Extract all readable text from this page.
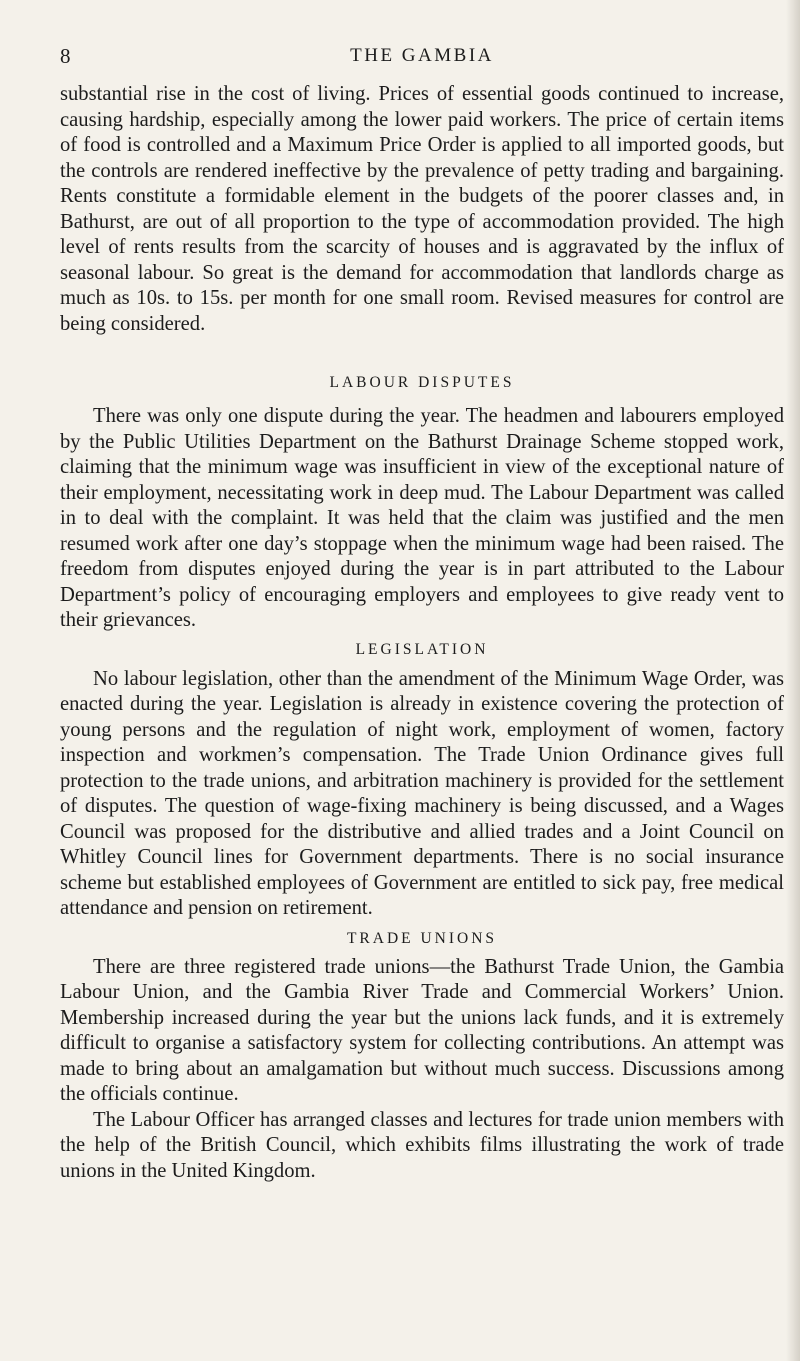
8	THE GAMBIA

substantial rise in the cost of living. Prices of essential goods continued to increase, causing hardship, especially among the lower paid workers. The price of certain items of food is controlled and a Maximum Price Order is applied to all imported goods, but the controls are rendered ineffective by the prevalence of petty trading and bargaining. Rents constitute a formidable element in the budgets of the poorer classes and, in Bathurst, are out of all proportion to the type of accommodation provided. The high level of rents results from the scarcity of houses and is aggravated by the influx of seasonal labour. So great is the demand for accommodation that landlords charge as much as 10s. to 15s. per month for one small room. Revised measures for control are being considered.

LABOUR DISPUTES

There was only one dispute during the year. The headmen and labourers employed by the Public Utilities Department on the Bathurst Drainage Scheme stopped work, claiming that the minimum wage was insufficient in view of the exceptional nature of their employment, necessitating work in deep mud. The Labour Department was called in to deal with the complaint. It was held that the claim was justified and the men resumed work after one day’s stoppage when the minimum wage had been raised. The freedom from disputes enjoyed during the year is in part attributed to the Labour Department’s policy of encouraging employers and employees to give ready vent to their grievances.

LEGISLATION

No labour legislation, other than the amendment of the Minimum Wage Order, was enacted during the year. Legislation is already in existence covering the protection of young persons and the regulation of night work, employment of women, factory inspection and workmen’s compensation. The Trade Union Ordinance gives full protection to the trade unions, and arbitration machinery is provided for the settlement of disputes. The question of wage-fixing machinery is being discussed, and a Wages Council was proposed for the distributive and allied trades and a Joint Council on Whitley Council lines for Government departments. There is no social insurance scheme but established employees of Government are entitled to sick pay, free medical attendance and pension on retirement.

TRADE UNIONS

There are three registered trade unions—the Bathurst Trade Union, the Gambia Labour Union, and the Gambia River Trade and Commercial Workers’ Union. Membership increased during the year but the unions lack funds, and it is extremely difficult to organise a satisfactory system for collecting contributions. An attempt was made to bring about an amalgamation but without much success. Discussions among the officials continue.

The Labour Officer has arranged classes and lectures for trade union members with the help of the British Council, which exhibits films illustrating the work of trade unions in the United Kingdom.
